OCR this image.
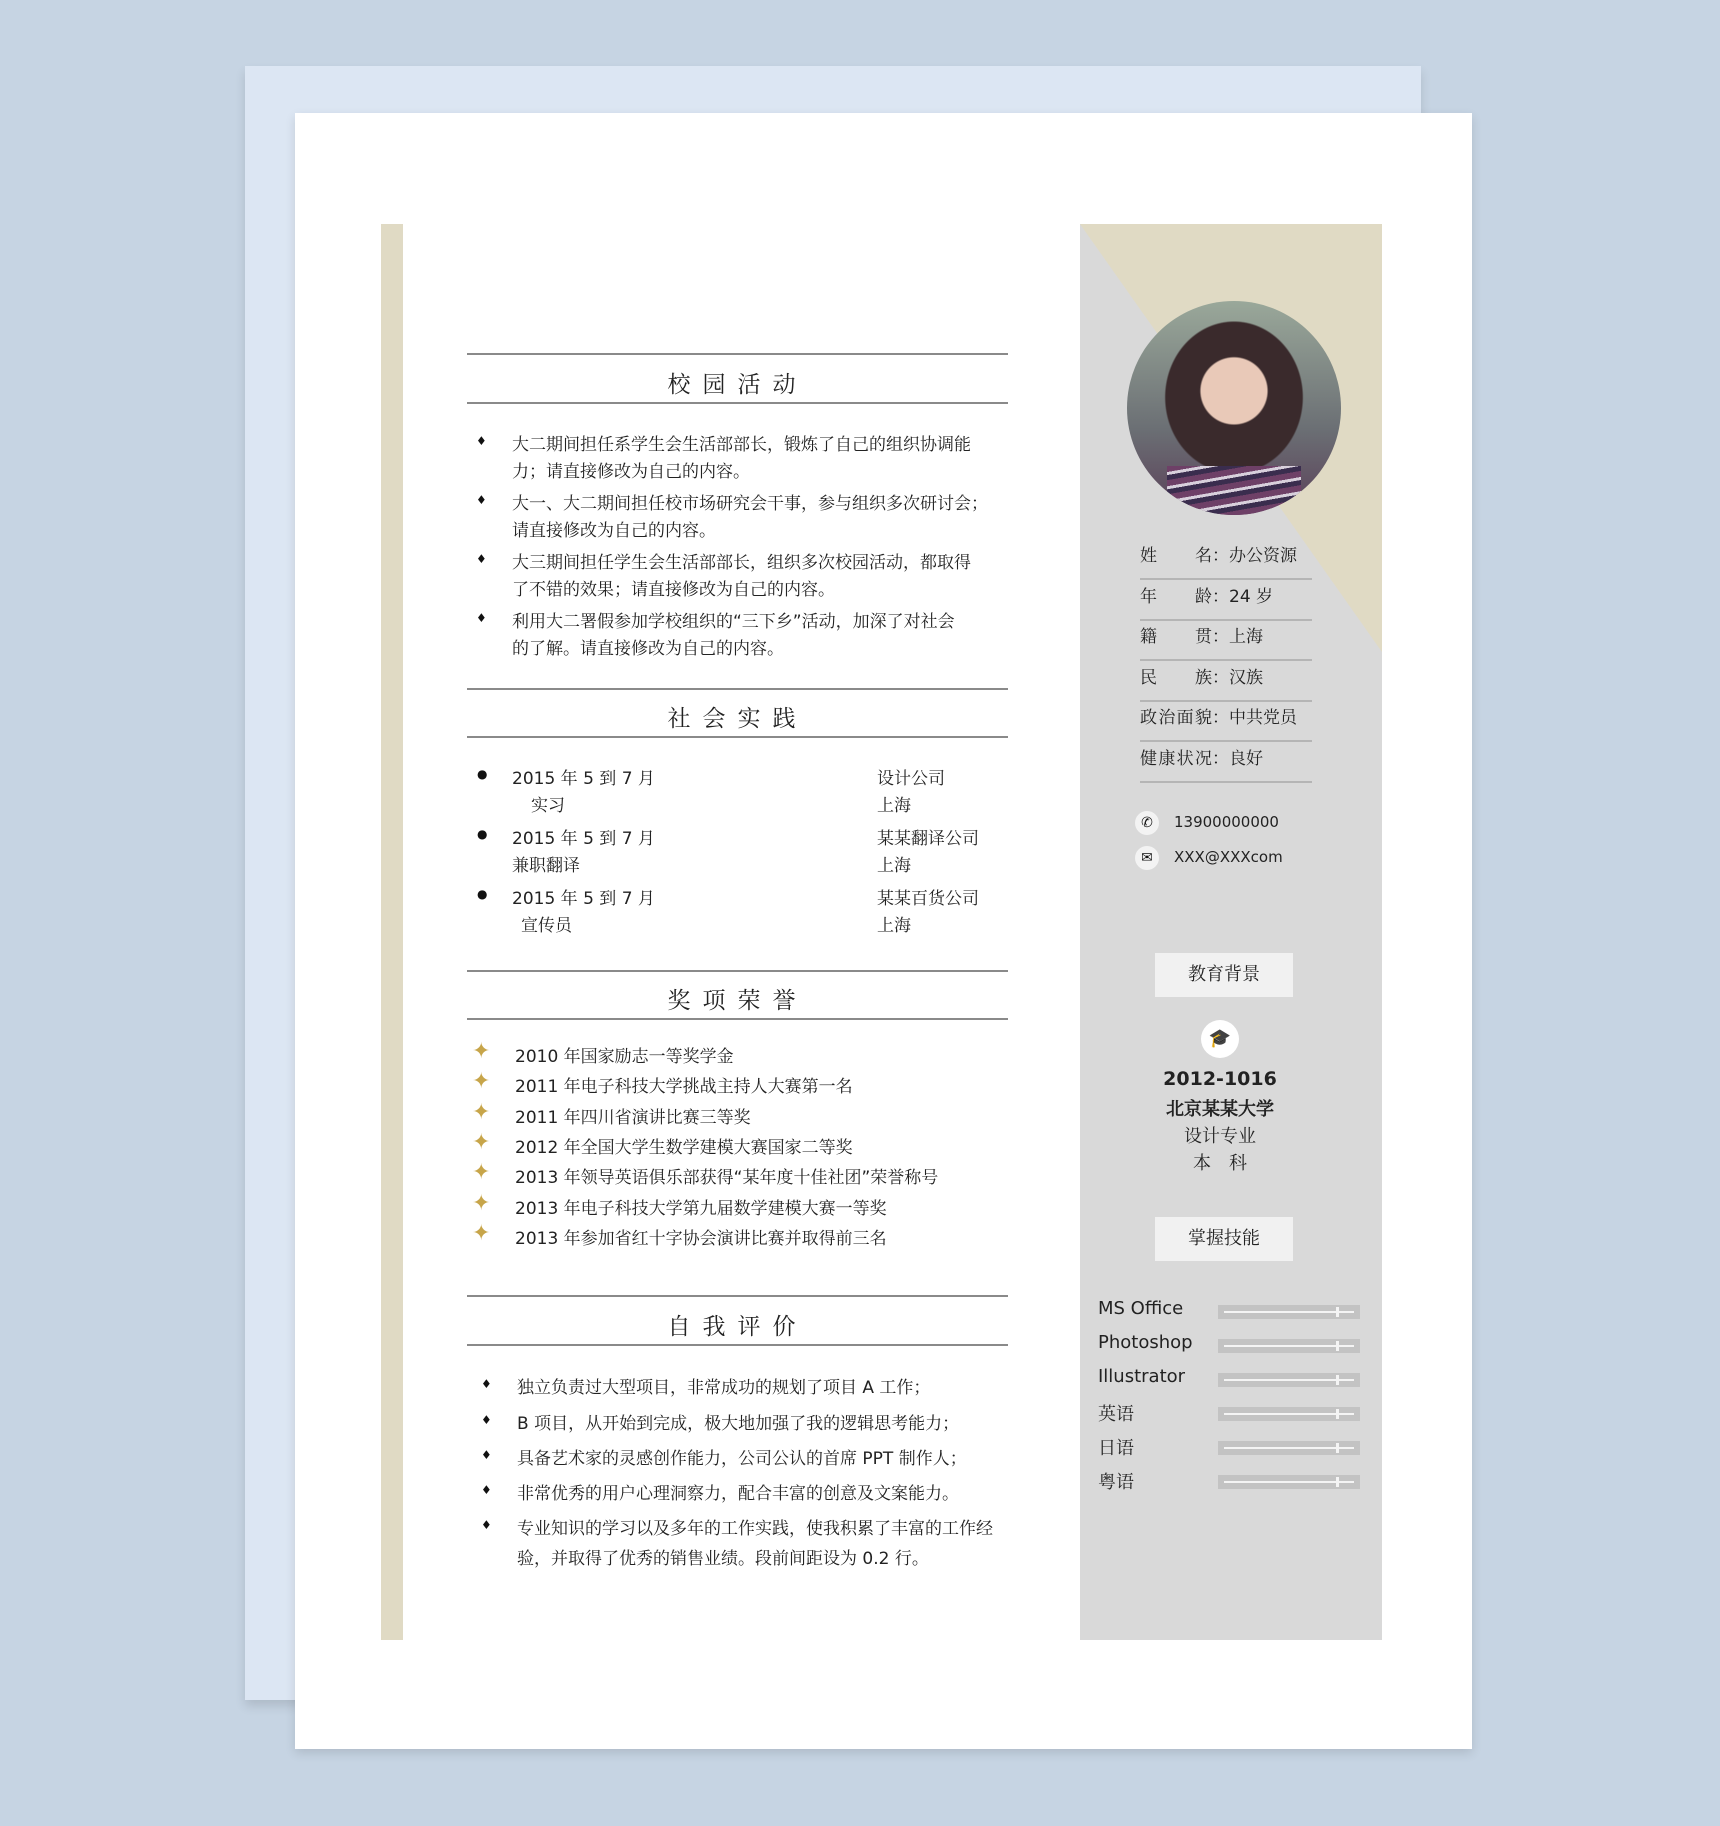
校园活动
♦ 大二期间担任系学生会生活部部长，锻炼了自己的组织协调能
力；请直接修改为自己的内容。
♦ 大一、大二期间担任校市场研究会干事，参与组织多次研讨会；
请直接修改为自己的内容。
♦ 大三期间担任学生会生活部部长，组织多次校园活动，都取得
了不错的效果；请直接修改为自己的内容。
♦ 利用大二署假参加学校组织的“三下乡”活动，加深了对社会
的了解。请直接修改为自己的内容。
社会实践
● 2015 年 5 到 7 月
实习
设计公司
上海
● 2015 年 5 到 7 月
兼职翻译
某某翻译公司
上海
● 2015 年 5 到 7 月
宣传员
某某百货公司
上海
奖项荣誉
✦ 2010 年国家励志一等奖学金
✦ 2011 年电子科技大学挑战主持人大赛第一名
✦ 2011 年四川省演讲比赛三等奖
✦ 2012 年全国大学生数学建模大赛国家二等奖
✦ 2013 年领导英语俱乐部获得“某年度十佳社团”荣誉称号
✦ 2013 年电子科技大学第九届数学建模大赛一等奖
✦ 2013 年参加省红十字协会演讲比赛并取得前三名
自我评价
♦ 独立负责过大型项目，非常成功的规划了项目 A 工作；
♦ B 项目，从开始到完成，极大地加强了我的逻辑思考能力；
♦ 具备艺术家的灵感创作能力，公司公认的首席 PPT 制作人；
♦ 非常优秀的用户心理洞察力，配合丰富的创意及文案能力。
♦ 专业知识的学习以及多年的工作实践，使我积累了丰富的工作经
验，并取得了优秀的销售业绩。段前间距设为 0.2 行。
姓名：办公资源
年龄：24 岁
籍贯：上海
民族：汉族
政治面貌：中共党员
健康状况：良好
✆	13900000000
✉	XXX@XXXcom
教育背景
🎓
2012-1016
北京某某大学
设计专业
本　科
掌握技能
MS Office
Photoshop
Illustrator
英语
日语
粤语
